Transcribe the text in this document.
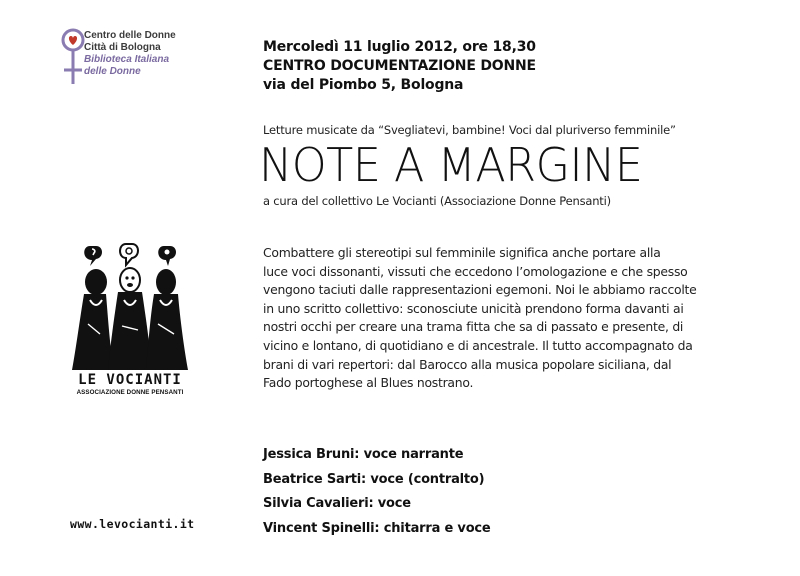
Centro delle Donne
Città di Bologna
Biblioteca Italiana
delle Donne
Mercoledì 11 luglio 2012, ore 18,30
CENTRO DOCUMENTAZIONE DONNE
via del Piombo 5, Bologna
Letture musicate da “Svegliatevi, bambine! Voci dal pluriverso femminile”
NOTE A MARGINE
a cura del collettivo Le Vocianti (Associazione Donne Pensanti)
Combattere gli stereotipi sul femminile significa anche portare alla
luce voci dissonanti, vissuti che eccedono l’omologazione e che spesso
vengono taciuti dalle rappresentazioni egemoni. Noi le abbiamo raccolte
in uno scritto collettivo: sconosciute unicità prendono forma davanti ai
nostri occhi per creare una trama fitta che sa di passato e presente, di
vicino e lontano, di quotidiano e di ancestrale. Il tutto accompagnato da
brani di vari repertori: dal Barocco alla musica popolare siciliana, dal
Fado portoghese al Blues nostrano.
LE VOCIANTI
ASSOCIAZIONE DONNE PENSANTI
Jessica Bruni: voce narrante
Beatrice Sarti: voce (contralto)
Silvia Cavalieri: voce
Vincent Spinelli: chitarra e voce
www.levocianti.it
